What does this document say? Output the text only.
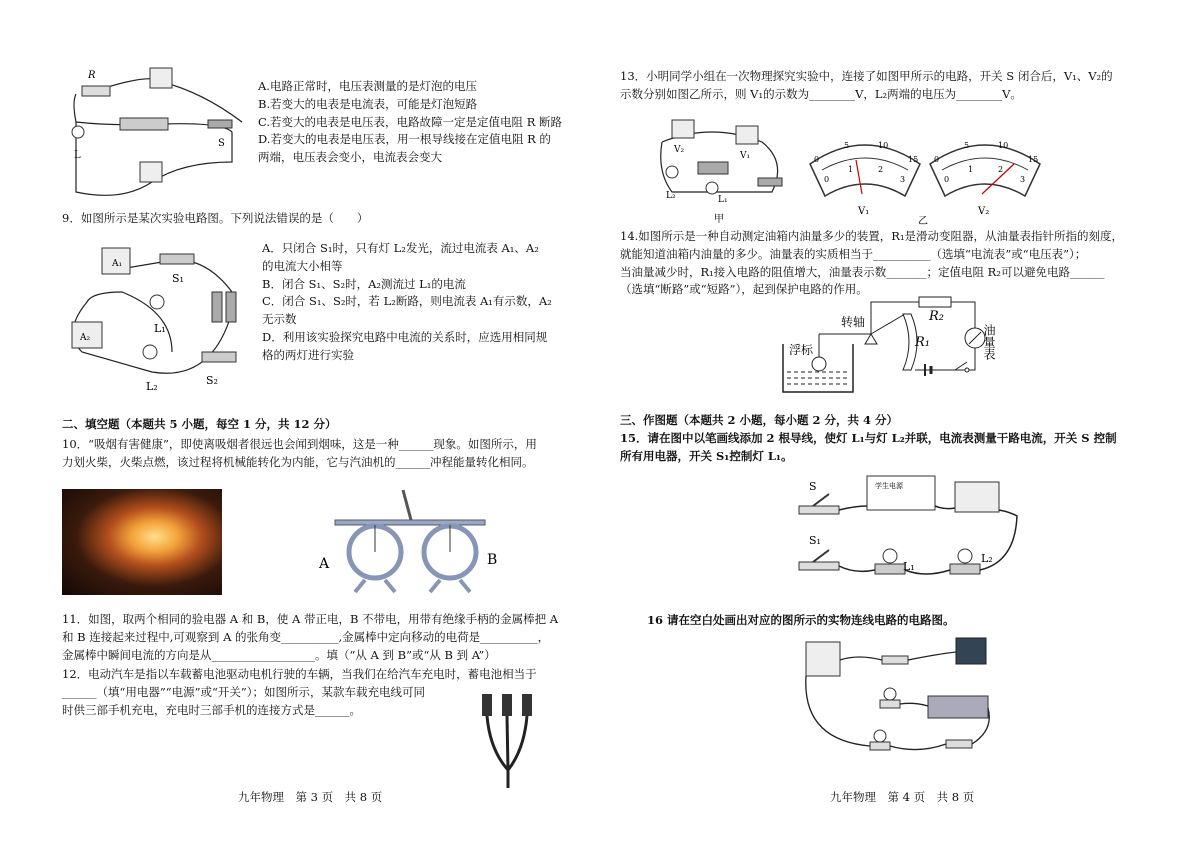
R
L
S
A.电路正常时，电压表测量的是灯泡的电压
B.若变大的电表是电流表，可能是灯泡短路
C.若变大的电表是电压表，电路故障一定是定值电阻 R 断路
D.若变大的电表是电压表，用一根导线接在定值电阻 R 的
两端，电压表会变小，电流表会变大
9．如图所示是某次实验电路图。下列说法错误的是（　　）
A₁
S₁
L₁
A₂
L₂	S₂
A．只闭合 S₁时，只有灯 L₂发光，流过电流表 A₁、A₂
的电流大小相等
B．闭合 S₁、S₂时，A₂测流过 L₁的电流
C．闭合 S₁、S₂时，若 L₂断路，则电流表 A₁有示数，A₂
无示数
D．利用该实验探究电路中电流的关系时，应选用相同规
格的两灯进行实验
二、填空题（本题共 5 小题，每空 1 分，共 12 分）
10．“吸烟有害健康”，即使离吸烟者很远也会闻到烟味，这是一种______现象。如图所示，用
力划火柴，火柴点燃，该过程将机械能转化为内能，它与汽油机的______冲程能量转化相同。
A	B
11．如图，取两个相同的验电器 A 和 B，使 A 带正电，B 不带电，用带有绝缘手柄的金属棒把 A
和 B 连接起来过程中,可观察到 A 的张角变__________,金属棒中定向移动的电荷是__________，
金属棒中瞬间电流的方向是从__________________。填（“从 A 到 B”或“从 B 到 A”）
12．电动汽车是指以车载蓄电池驱动电机行驶的车辆，当我们在给汽车充电时，蓄电池相当于
______（填“用电器”“电源”或“开关”）；如图所示，某款车载充电线可同
时供三部手机充电，充电时三部手机的连接方式是______。
九年物理　第 3 页　共 8 页
13．小明同学小组在一次物理探究实验中，连接了如图甲所示的电路，开关 S 闭合后，V₁、V₂的
示数分别如图乙所示，则 V₁的示数为________V，L₂两端的电压为________V。
V₂
V₁
L₂	L₁
甲
0
5	10
15
0
1	2
3
V₁
0
5	10
15
0
1	2
3
V₂
乙
14.如图所示是一种自动测定油箱内油量多少的装置，R₁是滑动变阻器，从油量表指针所指的刻度，
就能知道油箱内油量的多少。油量表的实质相当于__________（选填“电流表”或“电压表”）；
当油量减少时，R₁接入电路的阻值增大，油量表示数_______；定值电阻 R₂可以避免电路______
（选填“断路”或“短路”），起到保护电路的作用。
R₂
转轴
R₁
浮标	油量表
三、作图题（本题共 2 小题，每小题 2 分，共 4 分）
15．请在图中以笔画线添加 2 根导线，使灯 L₁与灯 L₂并联，电流表测量干路电流，开关 S 控制
所有用电器，开关 S₁控制灯 L₁。
S	学生电源
S₁
L₁
L₂
16 请在空白处画出对应的图所示的实物连线电路的电路图。
九年物理　第 4 页　共 8 页
